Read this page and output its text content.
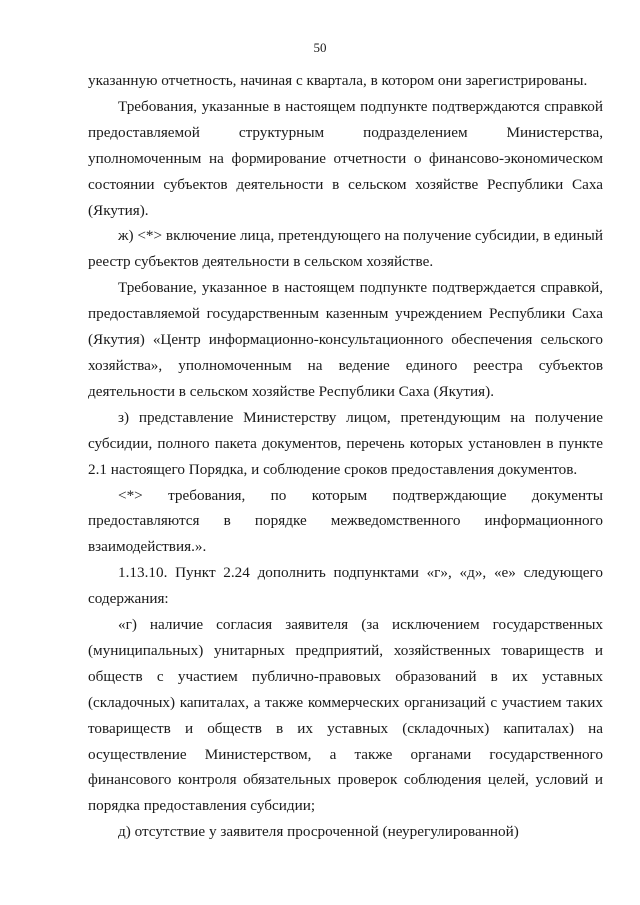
50

указанную отчетность, начиная с квартала, в котором они зарегистрированы.

Требования, указанные в настоящем подпункте подтверждаются справкой предоставляемой структурным подразделением Министерства, уполномоченным на формирование отчетности о финансово-экономическом состоянии субъектов деятельности в сельском хозяйстве Республики Саха (Якутия).

ж) <*> включение лица, претендующего на получение субсидии, в единый реестр субъектов деятельности в сельском хозяйстве.

Требование, указанное в настоящем подпункте подтверждается справкой, предоставляемой государственным казенным учреждением Республики Саха (Якутия) «Центр информационно-консультационного обеспечения сельского хозяйства», уполномоченным на ведение единого реестра субъектов деятельности в сельском хозяйстве Республики Саха (Якутия).

з) представление Министерству лицом, претендующим на получение субсидии, полного пакета документов, перечень которых установлен в пункте 2.1 настоящего Порядка, и соблюдение сроков предоставления документов.

<*> требования, по которым подтверждающие документы предоставляются в порядке межведомственного информационного взаимодействия.».

1.13.10. Пункт 2.24 дополнить подпунктами «г», «д», «е» следующего содержания:

«г) наличие согласия заявителя (за исключением государственных (муниципальных) унитарных предприятий, хозяйственных товариществ и обществ с участием публично-правовых образований в их уставных (складочных) капиталах, а также коммерческих организаций с участием таких товариществ и обществ в их уставных (складочных) капиталах) на осуществление Министерством, а также органами государственного финансового контроля обязательных проверок соблюдения целей, условий и порядка предоставления субсидии;

д) отсутствие у заявителя просроченной (неурегулированной)
